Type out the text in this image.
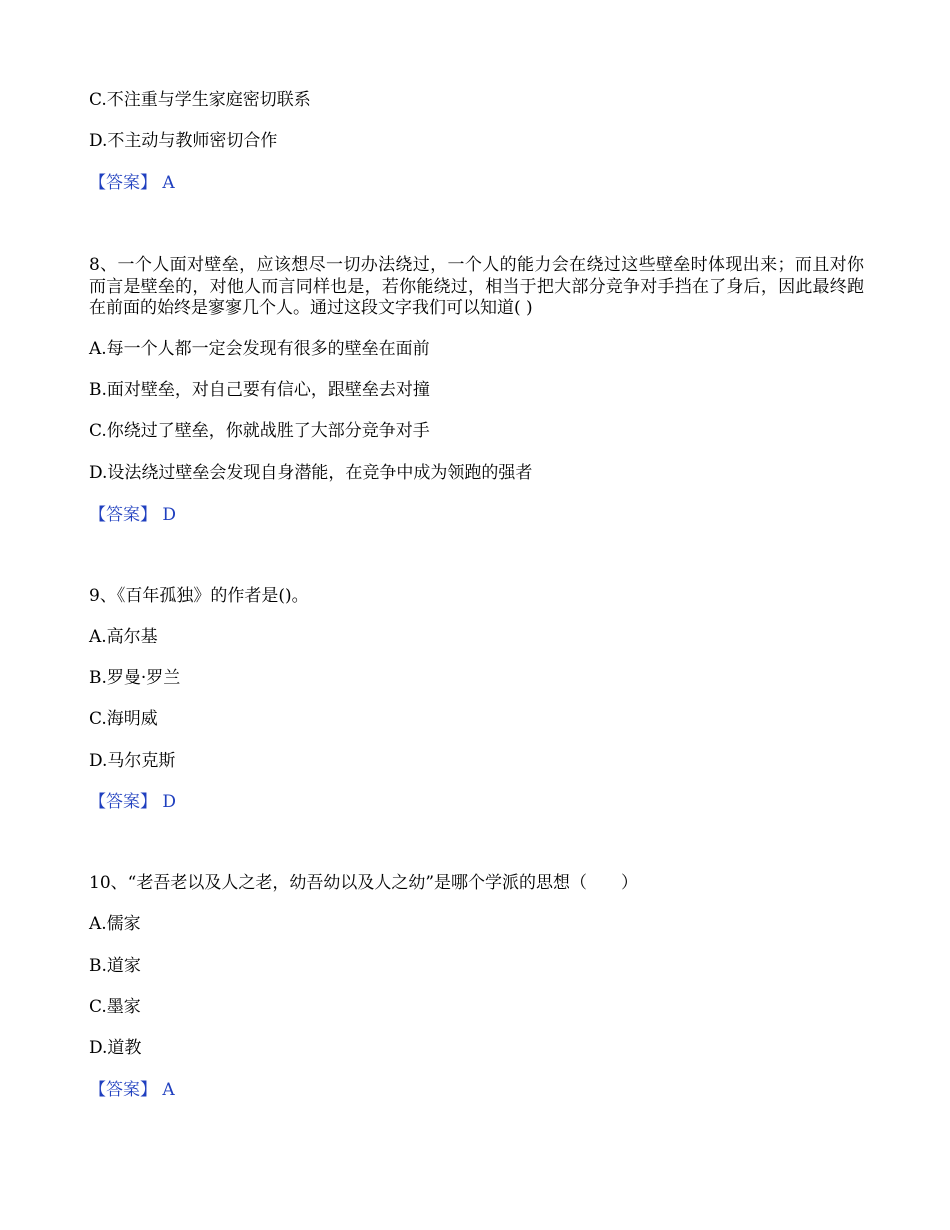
C.不注重与学生家庭密切联系
D.不主动与教师密切合作
【答案】 A
8、一个人面对壁垒，应该想尽一切办法绕过，一个人的能力会在绕过这些壁垒时体现出来；而且对你而言是壁垒的，对他人而言同样也是，若你能绕过，相当于把大部分竞争对手挡在了身后，因此最终跑在前面的始终是寥寥几个人。通过这段文字我们可以知道( )
A.每一个人都一定会发现有很多的壁垒在面前
B.面对壁垒，对自己要有信心，跟壁垒去对撞
C.你绕过了壁垒，你就战胜了大部分竞争对手
D.设法绕过壁垒会发现自身潜能，在竞争中成为领跑的强者
【答案】 D
9、《百年孤独》的作者是()。
A.高尔基
B.罗曼·罗兰
C.海明威
D.马尔克斯
【答案】 D
10、“老吾老以及人之老，幼吾幼以及人之幼”是哪个学派的思想（　　）
A.儒家
B.道家
C.墨家
D.道教
【答案】 A
